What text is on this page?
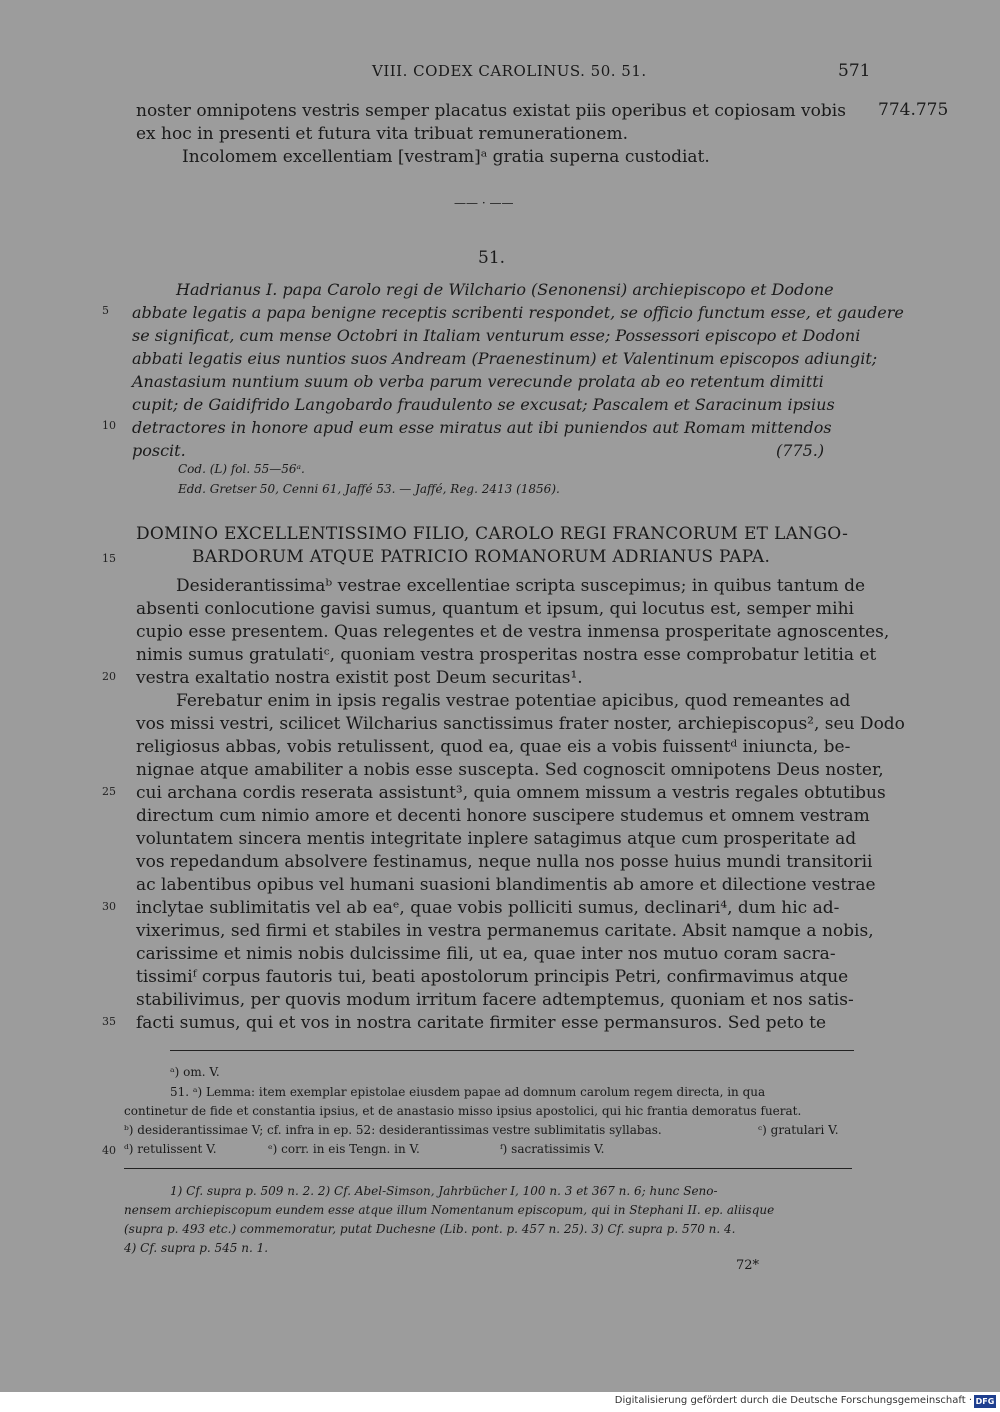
VIII. CODEX CAROLINUS. 50. 51.	571
noster omnipotens vestris semper placatus existat piis operibus et copiosam vobis 774.775
ex hoc in presenti et futura vita tribuat remunerationem.
Incolomem excellentiam [vestram]ᵃ gratia superna custodiat.
—— · ——
51.
Hadrianus I. papa Carolo regi de Wilchario (Senonensi) archiepiscopo et Dodone
5 abbate legatis a papa benigne receptis scribenti respondet, se officio functum esse, et gaudere
se significat, cum mense Octobri in Italiam venturum esse; Possessori episcopo et Dodoni
abbati legatis eius nuntios suos Andream (Praenestinum) et Valentinum episcopos adiungit;
Anastasium nuntium suum ob verba parum verecunde prolata ab eo retentum dimitti
cupit; de Gaidifrido Langobardo fraudulento se excusat; Pascalem et Saracinum ipsius
10 detractores in honore apud eum esse miratus aut ibi puniendos aut Romam mittendos
poscit.	(775.)
Cod. (L) fol. 55—56ᵃ.
Edd. Gretser 50, Cenni 61, Jaffé 53. — Jaffé, Reg. 2413 (1856).
DOMINO EXCELLENTISSIMO FILIO, CAROLO REGI FRANCORUM ET LANGO-
15	BARDORUM ATQUE PATRICIO ROMANORUM ADRIANUS PAPA.
Desiderantissimaᵇ vestrae excellentiae scripta suscepimus; in quibus tantum de
absenti conlocutione gavisi sumus, quantum et ipsum, qui locutus est, semper mihi
cupio esse presentem. Quas relegentes et de vestra inmensa prosperitate agnoscentes,
nimis sumus gratulatiᶜ, quoniam vestra prosperitas nostra esse comprobatur letitia et
20 vestra exaltatio nostra existit post Deum securitas¹.
Ferebatur enim in ipsis regalis vestrae potentiae apicibus, quod remeantes ad
vos missi vestri, scilicet Wilcharius sanctissimus frater noster, archiepiscopus², seu Dodo
religiosus abbas, vobis retulissent, quod ea, quae eis a vobis fuissentᵈ iniuncta, be-
nignae atque amabiliter a nobis esse suscepta. Sed cognoscit omnipotens Deus noster,
25 cui archana cordis reserata assistunt³, quia omnem missum a vestris regales obtutibus
directum cum nimio amore et decenti honore suscipere studemus et omnem vestram
voluntatem sincera mentis integritate inplere satagimus atque cum prosperitate ad
vos repedandum absolvere festinamus, neque nulla nos posse huius mundi transitorii
ac labentibus opibus vel humani suasioni blandimentis ab amore et dilectione vestrae
30 inclytae sublimitatis vel ab eaᵉ, quae vobis polliciti sumus, declinari⁴, dum hic ad-
vixerimus, sed firmi et stabiles in vestra permanemus caritate. Absit namque a nobis,
carissime et nimis nobis dulcissime fili, ut ea, quae inter nos mutuo coram sacra-
tissimiᶠ corpus fautoris tui, beati apostolorum principis Petri, confirmavimus atque
stabilivimus, per quovis modum irritum facere adtemptemus, quoniam et nos satis-
35 facti sumus, qui et vos in nostra caritate firmiter esse permansuros. Sed peto te
ᵃ) om. V.
51. ᵃ) Lemma: item exemplar epistolae eiusdem papae ad domnum carolum regem directa, in qua
continetur de fide et constantia ipsius, et de anastasio misso ipsius apostolici, qui hic frantia demoratus fuerat.
ᵇ) desiderantissimae V; cf. infra in ep. 52: desiderantissimas vestre sublimitatis syllabas.	ᶜ) gratulari V.
40 ᵈ) retulissent V.	ᵉ) corr. in eis Tengn. in V.	ᶠ) sacratissimis V.
1) Cf. supra p. 509 n. 2. 2) Cf. Abel-Simson, Jahrbücher I, 100 n. 3 et 367 n. 6; hunc Seno-
nensem archiepiscopum eundem esse atque illum Nomentanum episcopum, qui in Stephani II. ep. aliisque
(supra p. 493 etc.) commemoratur, putat Duchesne (Lib. pont. p. 457 n. 25). 3) Cf. supra p. 570 n. 4.
4) Cf. supra p. 545 n. 1.
72*
Digitalisierung gefördert durch die Deutsche Forschungsgemeinschaft · DFG
